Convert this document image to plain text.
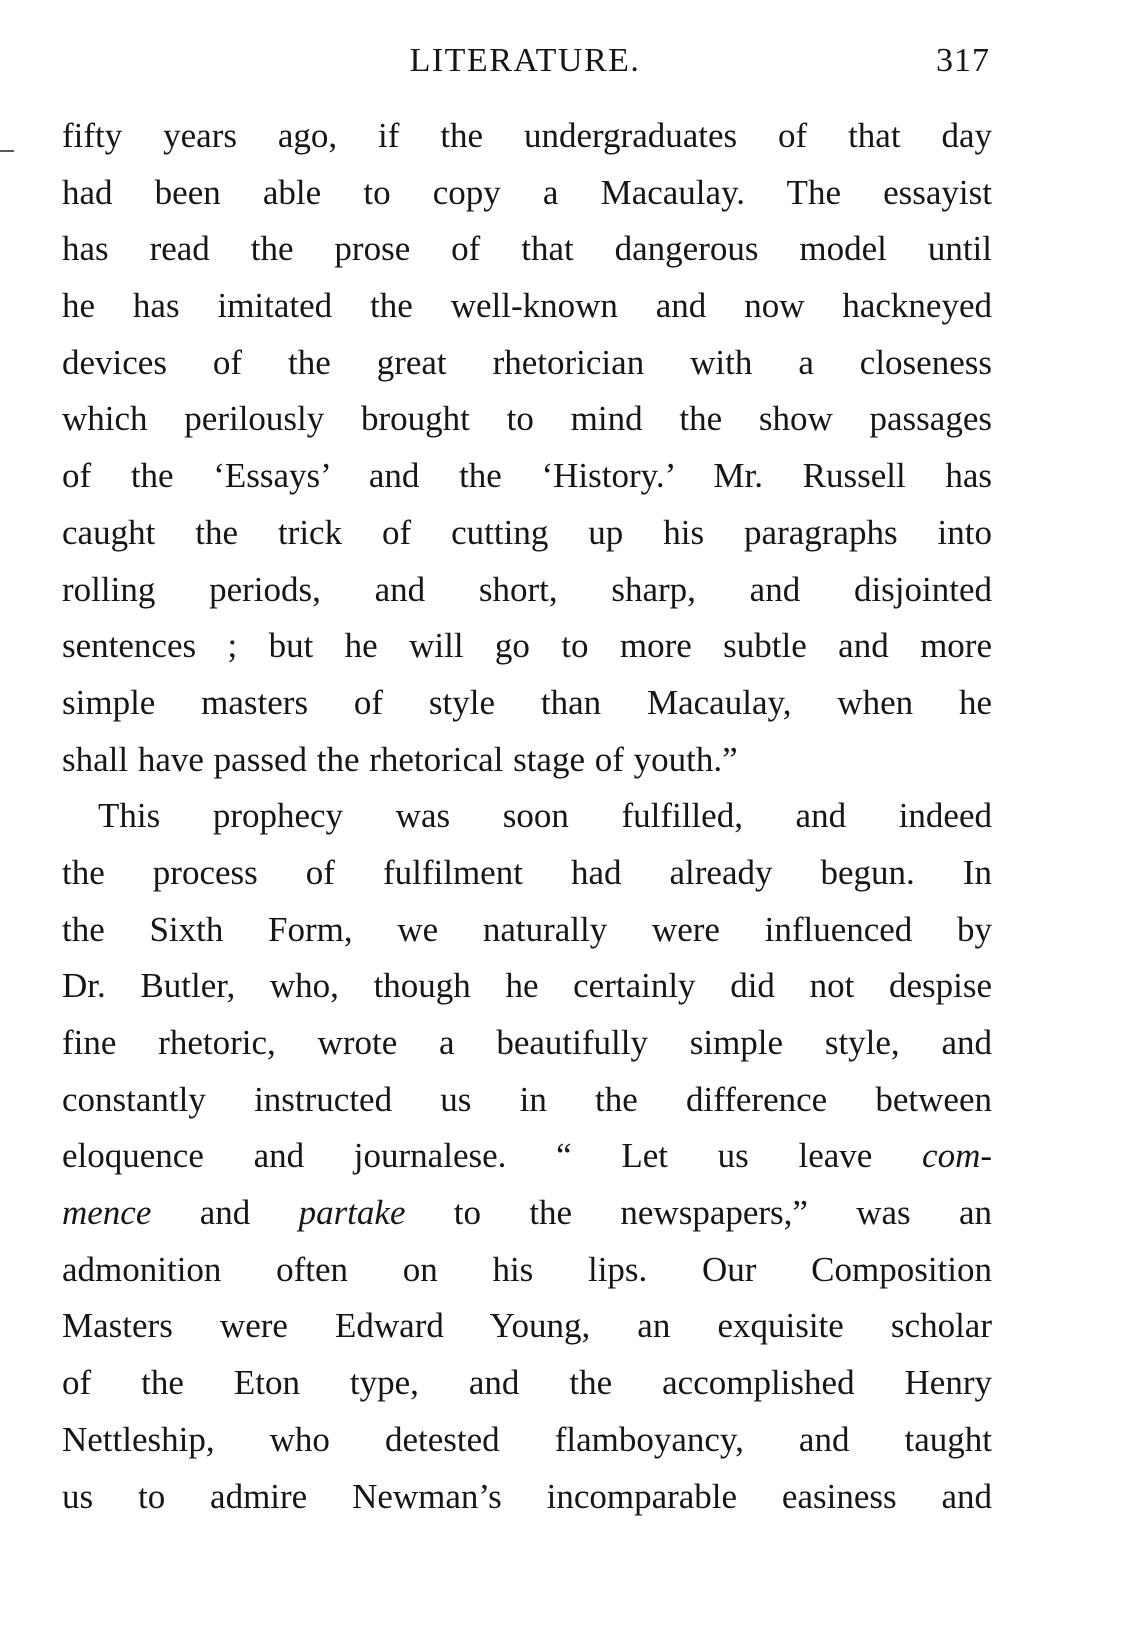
LITERATURE.	317
fifty years ago, if the undergraduates of that day
had been able to copy a Macaulay. The essayist
has read the prose of that dangerous model until
he has imitated the well-known and now hackneyed
devices of the great rhetorician with a closeness
which perilously brought to mind the show passages
of the ‘Essays’ and the ‘History.’ Mr. Russell has
caught the trick of cutting up his paragraphs into
rolling periods, and short, sharp, and disjointed
sentences ; but he will go to more subtle and more
simple masters of style than Macaulay, when he
shall have passed the rhetorical stage of youth.”
This prophecy was soon fulfilled, and indeed
the process of fulfilment had already begun. In
the Sixth Form, we naturally were influenced by
Dr. Butler, who, though he certainly did not despise
fine rhetoric, wrote a beautifully simple style, and
constantly instructed us in the difference between
eloquence and journalese. “ Let us leave com-
mence and partake to the newspapers,” was an
admonition often on his lips. Our Composition
Masters were Edward Young, an exquisite scholar
of the Eton type, and the accomplished Henry
Nettleship, who detested flamboyancy, and taught
us to admire Newman’s incomparable easiness and
